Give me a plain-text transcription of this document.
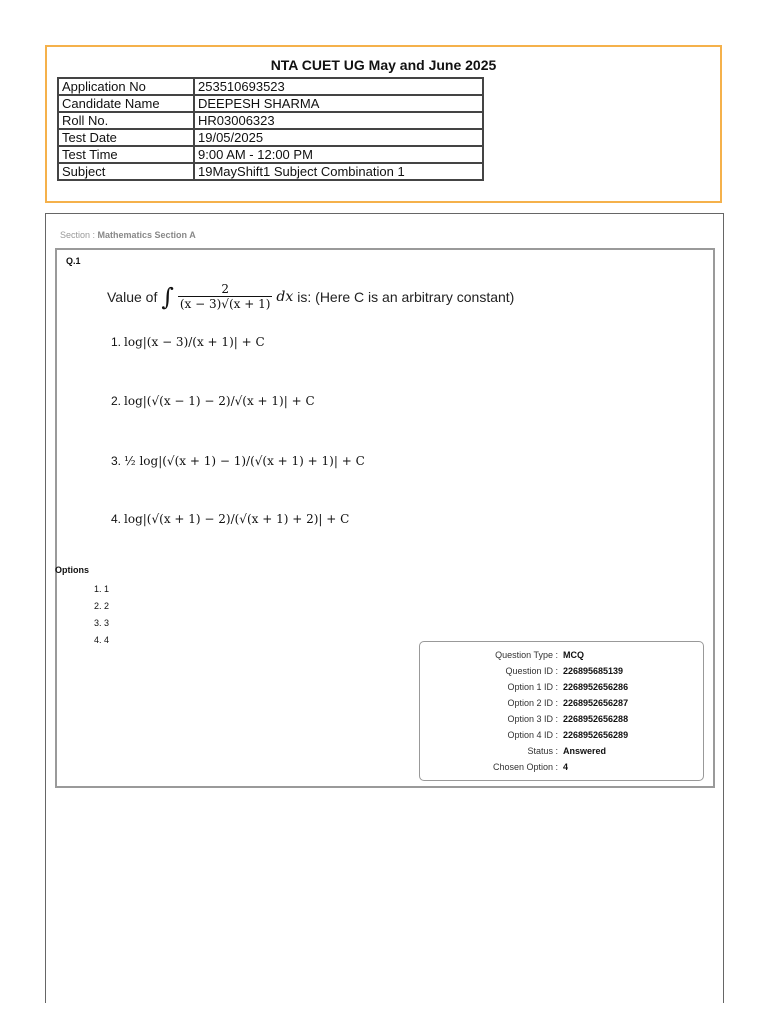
NTA CUET UG May and June 2025
Application No	253510693523
Candidate Name	DEEPESH SHARMA
Roll No.	HR03006323
Test Date	19/05/2025
Test Time	9:00 AM - 12:00 PM
Subject	19MayShift1 Subject Combination 1
Section : Mathematics Section A
Q.1
Value of ∫ $\frac{2}{(x - 3)√(x + 1)}$ dx is: (Here C is an arbitrary constant)
1. log|(x − 3)/(x + 1)| + C
2. log|(√(x − 1) − 2)/√(x + 1)| + C
3. ½ log|(√(x + 1) − 1)/(√(x + 1) + 1)| + C
4. log|(√(x + 1) − 2)/(√(x + 1) + 2)| + C
Options
1. 1
2. 2
3. 3
4. 4
Question Type : MCQ
Question ID : 226895685139
Option 1 ID : 2268952656286
Option 2 ID : 2268952656287
Option 3 ID : 2268952656288
Option 4 ID : 2268952656289
Status : Answered
Chosen Option : 4
